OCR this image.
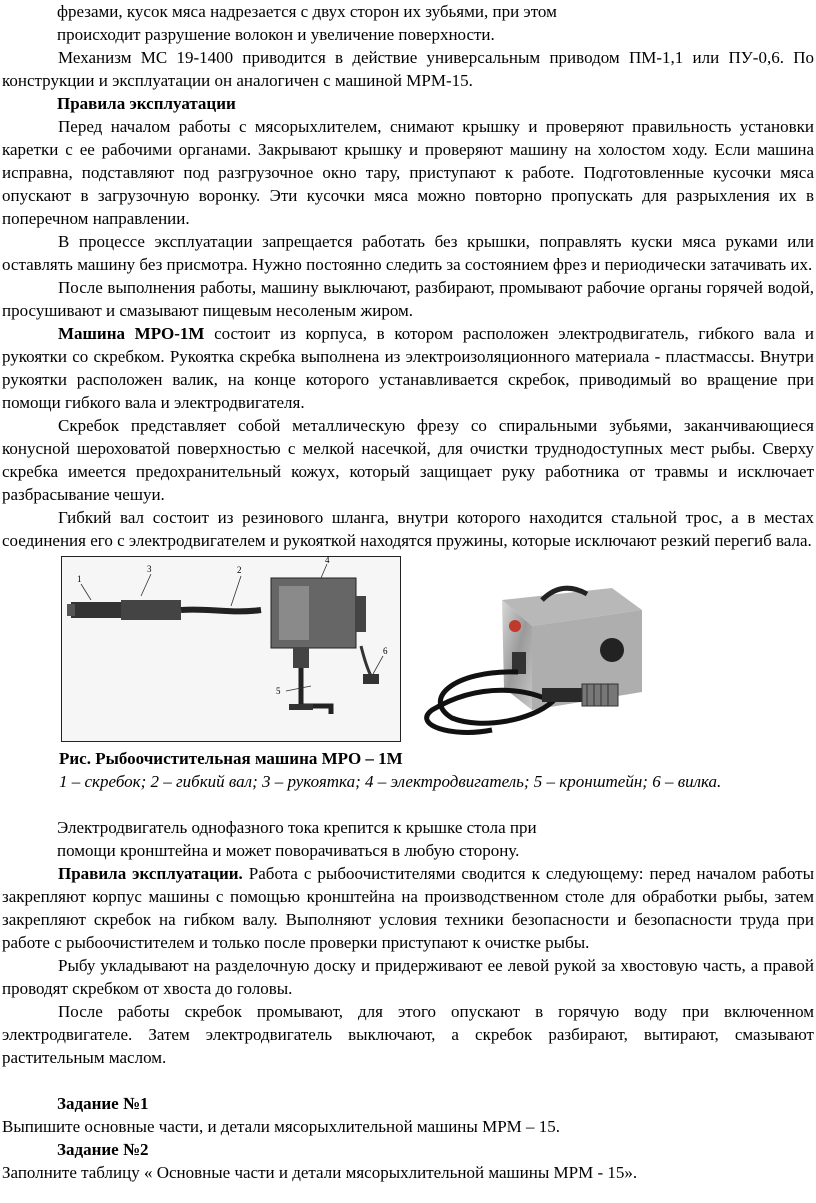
фрезами, кусок мяса надрезается с двух сторон их зубьями, при этом
происходит разрушение волокон и увеличение поверхности.

Механизм МС 19-1400 приводится в действие универсальным приводом ПМ-1,1 или ПУ-0,6. По конструкции и эксплуатации он аналогичен с машиной МРМ-15.

Правила эксплуатации

Перед началом работы с мясорыхлителем, снимают крышку и проверяют правильность установки каретки с ее рабочими органами. Закрывают крышку и проверяют машину на холостом ходу. Если машина исправна, подставляют под разгрузочное окно тару, приступают к работе. Подготовленные кусочки мяса опускают в загрузочную воронку. Эти кусочки мяса можно повторно пропускать для разрыхления их в поперечном направлении.

В процессе эксплуатации запрещается работать без крышки, поправлять куски мяса руками или оставлять машину без присмотра. Нужно постоянно следить за состоянием фрез и периодически затачивать их.

После выполнения работы, машину выключают, разбирают, промывают рабочие органы горячей водой, просушивают и смазывают пищевым несоленым жиром.

Машина МРО-1М состоит из корпуса, в котором расположен электродвигатель, гибкого вала и рукоятки со скребком. Рукоятка скребка выполнена из электроизоляционного материала - пластмассы. Внутри рукоятки расположен валик, на конце которого устанавливается скребок, приводимый во вращение при помощи гибкого вала и электродвигателя.

Скребок представляет собой металлическую фрезу со спиральными зубьями, заканчивающиеся конусной шероховатой поверхностью с мелкой насечкой, для очистки труднодоступных мест рыбы. Сверху скребка имеется предохранительный кожух, который защищает руку работника от травмы и исключает разбрасывание чешуи.

Гибкий вал состоит из резинового шланга, внутри которого находится стальной трос, а в местах соединения его с электродвигателем и рукояткой находятся пружины, которые исключают резкий перегиб вала.

1
2
3
4
5
6
Рис. Рыбоочистительная машина МРО – 1М
1 – скребок; 2 – гибкий вал; 3 – рукоятка; 4 – электродвигатель; 5 – кронштейн; 6 – вилка.
Электродвигатель однофазного тока крепится к крышке стола при
помощи кронштейна и может поворачиваться в любую сторону.

Правила эксплуатации. Работа с рыбоочистителями сводится к следующему: перед началом работы закрепляют корпус машины с помощью кронштейна на производственном столе для обработки рыбы, затем закрепляют скребок на гибком валу. Выполняют условия техники безопасности и безопасности труда при работе с рыбоочистителем и только после проверки приступают к очистке рыбы.

Рыбу укладывают на разделочную доску и придерживают ее левой рукой за хвостовую часть, а правой проводят скребком от хвоста до головы.

После работы скребок промывают, для этого опускают в горячую воду при включенном электродвигателе. Затем электродвигатель выключают, а скребок разбирают, вытирают, смазывают растительным маслом.

Задание №1
Выпишите основные части, и детали мясорыхлительной машины МРМ – 15.
Задание №2
Заполните таблицу « Основные части и детали мясорыхлительной машины МРМ - 15».
